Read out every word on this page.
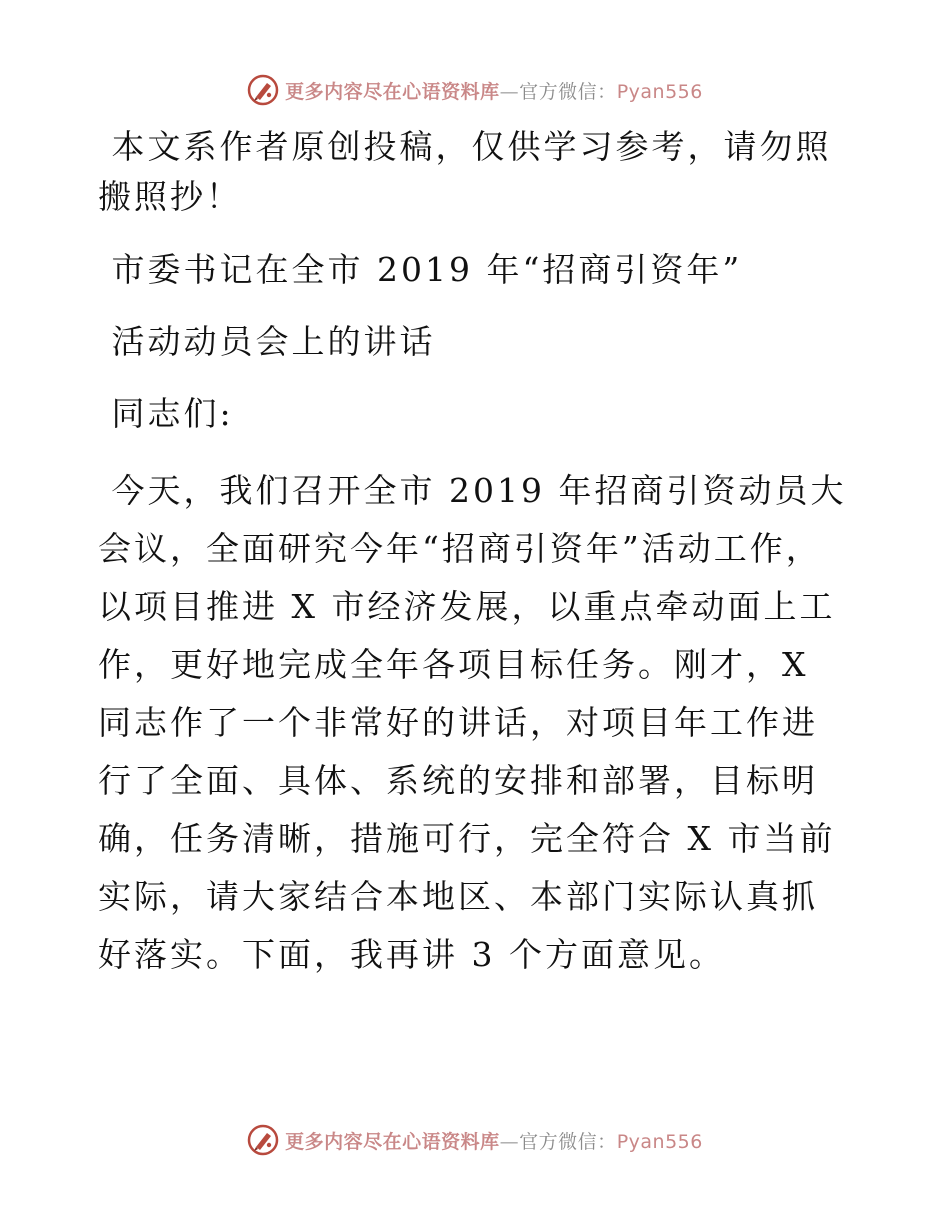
更多内容尽在心语资料库—官方微信：Pyan556

本文系作者原创投稿，仅供学习参考，请勿照搬照抄！

市委书记在全市 2019 年“招商引资年”

活动动员会上的讲话

同志们:

今天，我们召开全市 2019 年招商引资动员大会议，全面研究今年“招商引资年”活动工作，以项目推进 X 市经济发展，以重点牵动面上工作，更好地完成全年各项目标任务。刚才，X 同志作了一个非常好的讲话，对项目年工作进行了全面、具体、系统的安排和部署，目标明确，任务清晰，措施可行，完全符合 X 市当前实际，请大家结合本地区、本部门实际认真抓好落实。下面，我再讲 3 个方面意见。

更多内容尽在心语资料库—官方微信：Pyan556
